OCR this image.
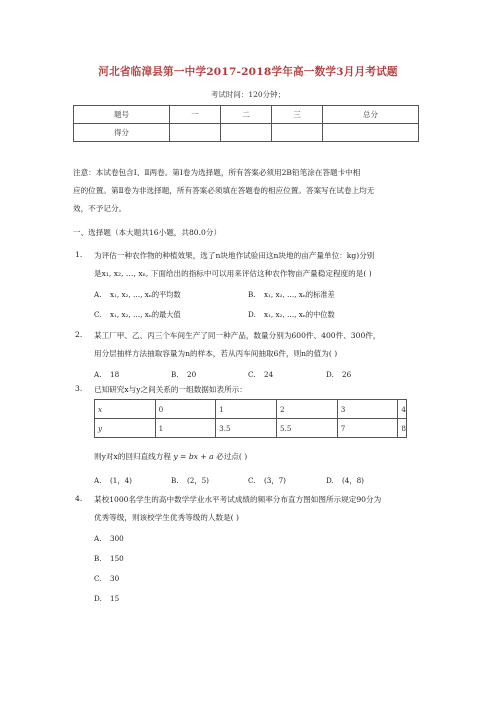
河北省临漳县第一中学2017-2018学年高一数学3月月考试题
考试时间：120分钟；
题号	一	二	三	总分
得分				
注意：本试卷包含Ⅰ、Ⅱ两卷。第Ⅰ卷为选择题，所有答案必须用2B铅笔涂在答题卡中相
应的位置。第Ⅱ卷为非选择题，所有答案必须填在答题卷的相应位置。答案写在试卷上均无
效，不予记分。
一、选择题（本大题共16小题，共80.0分）
1. 为评估一种农作物的种植效果，选了n块地作试验田这n块地的亩产量单位：kg)分别
是x₁, x₂, …, xₙ, 下面给出的指标中可以用来评估这种农作物亩产量稳定程度的是( )
A. x₁, x₂, …, xₙ的平均数	B. x₁, x₂, …, xₙ的标准差
C. x₁, x₂, …, xₙ的最大值	D. x₁, x₂, …, xₙ的中位数
2. 某工厂甲、乙、丙三个车间生产了同一种产品，数量分别为600件、400件、300件，
用分层抽样方法抽取容量为n的样本，若从丙车间抽取6件，则n的值为( )
A. 18	B. 20	C. 24	D. 26
3. 已知研究x与y之间关系的一组数据如表所示：
x	0	1	2	3	4
y	1	3.5	5.5	7	8
则y对x的回归直线方程 y = bx + a 必过点( )
A. (1，4)	B. (2，5)	C. (3，7)	D. (4，8)
4. 某校1000名学生的高中数学学业水平考试成绩的频率分布直方图如图所示规定90分为
优秀等级，则该校学生优秀等级的人数是( )
A. 300
B. 150
C. 30
D. 15
